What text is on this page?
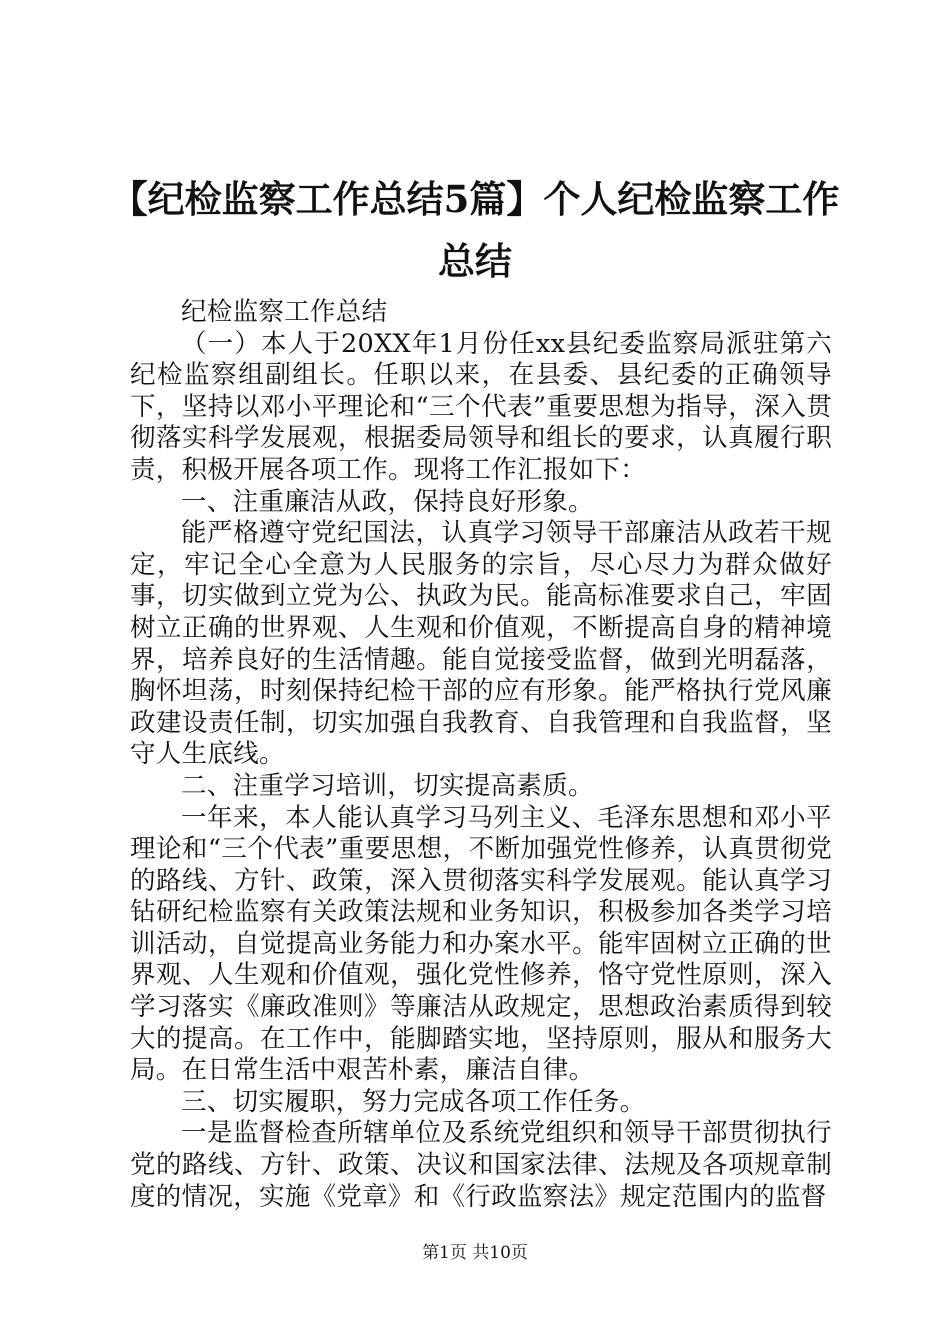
【纪检监察工作总结5篇】个人纪检监察工作总结

纪检监察工作总结

（一）本人于20XX年1月份任xx县纪委监察局派驻第六纪检监察组副组长。任职以来，在县委、县纪委的正确领导下，坚持以邓小平理论和“三个代表”重要思想为指导，深入贯彻落实科学发展观，根据委局领导和组长的要求，认真履行职责，积极开展各项工作。现将工作汇报如下：

一、注重廉洁从政，保持良好形象。

能严格遵守党纪国法，认真学习领导干部廉洁从政若干规定，牢记全心全意为人民服务的宗旨，尽心尽力为群众做好事，切实做到立党为公、执政为民。能高标准要求自己，牢固树立正确的世界观、人生观和价值观，不断提高自身的精神境界，培养良好的生活情趣。能自觉接受监督，做到光明磊落，胸怀坦荡，时刻保持纪检干部的应有形象。能严格执行党风廉政建设责任制，切实加强自我教育、自我管理和自我监督，坚守人生底线。

二、注重学习培训，切实提高素质。

一年来，本人能认真学习马列主义、毛泽东思想和邓小平理论和“三个代表”重要思想，不断加强党性修养，认真贯彻党的路线、方针、政策，深入贯彻落实科学发展观。能认真学习钻研纪检监察有关政策法规和业务知识，积极参加各类学习培训活动，自觉提高业务能力和办案水平。能牢固树立正确的世界观、人生观和价值观，强化党性修养，恪守党性原则，深入学习落实《廉政准则》等廉洁从政规定，思想政治素质得到较大的提高。在工作中，能脚踏实地，坚持原则，服从和服务大局。在日常生活中艰苦朴素，廉洁自律。

三、切实履职，努力完成各项工作任务。

一是监督检查所辖单位及系统党组织和领导干部贯彻执行党的路线、方针、政策、决议和国家法律、法规及各项规章制度的情况，实施《党章》和《行政监察法》规定范围内的监督

第1页 共10页
